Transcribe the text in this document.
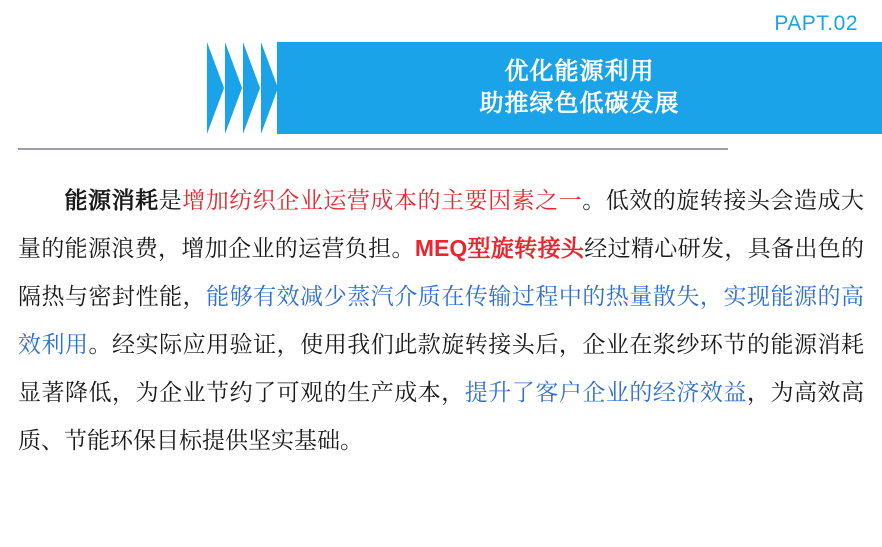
PAPT.02
优化能源利用
助推绿色低碳发展
能源消耗是增加纺织企业运营成本的主要因素之一。低效的旋转接头会造成大量的能源浪费，增加企业的运营负担。MEQ型旋转接头经过精心研发，具备出色的隔热与密封性能，能够有效减少蒸汽介质在传输过程中的热量散失，实现能源的高效利用。经实际应用验证，使用我们此款旋转接头后，企业在浆纱环节的能源消耗显著降低，为企业节约了可观的生产成本，提升了客户企业的经济效益，为高效高质、节能环保目标提供坚实基础。
